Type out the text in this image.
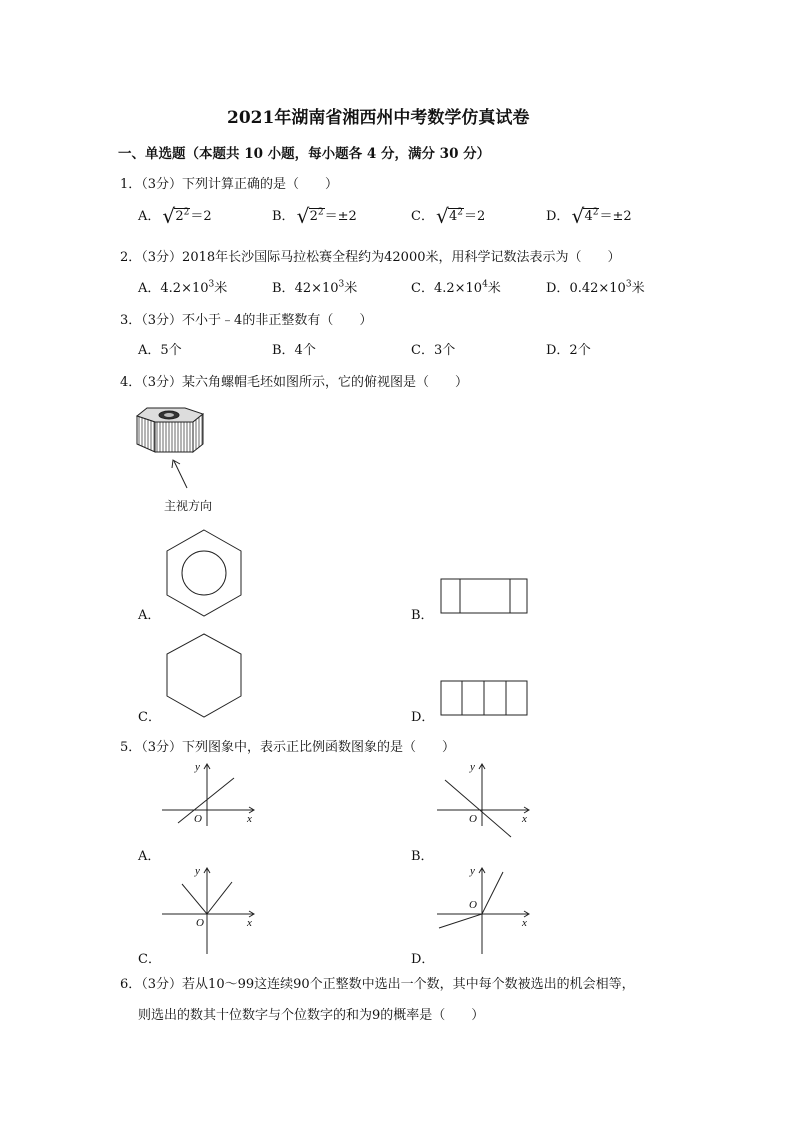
2021年湖南省湘西州中考数学仿真试卷
一、单选题（本题共 10 小题，每小题各 4 分，满分 30 分）
1．（3分）下列计算正确的是（　　）
A． √ $2^2=2$	B． √ $2^2=\pm 2$	C． √ $4^2=2$	D． √ $4^2=\pm 2$
2．（3分）2018年长沙国际马拉松赛全程约为42000米，用科学记数法表示为（　　）
A．$4.2\times 10^3$米	B．$42\times 10^3$米	C．$4.2\times 10^4$米	D．$0.42\times 10^3$米
3．（3分）不小于﹣4的非正整数有（　　）
A．5个	B．4个	C．3个	D．2个
4．（3分）某六角螺帽毛坯如图所示，它的俯视图是（　　）
主视方向
A．	B．
C．	D．
5．（3分）下列图象中，表示正比例函数图象的是（　　）
y
O	x
A．
y
O	x
B．
y
O	x
C．
y
O
x
D．
6．（3分）若从10～99这连续90个正整数中选出一个数，其中每个数被选出的机会相等，
则选出的数其十位数字与个位数字的和为9的概率是（　　）
